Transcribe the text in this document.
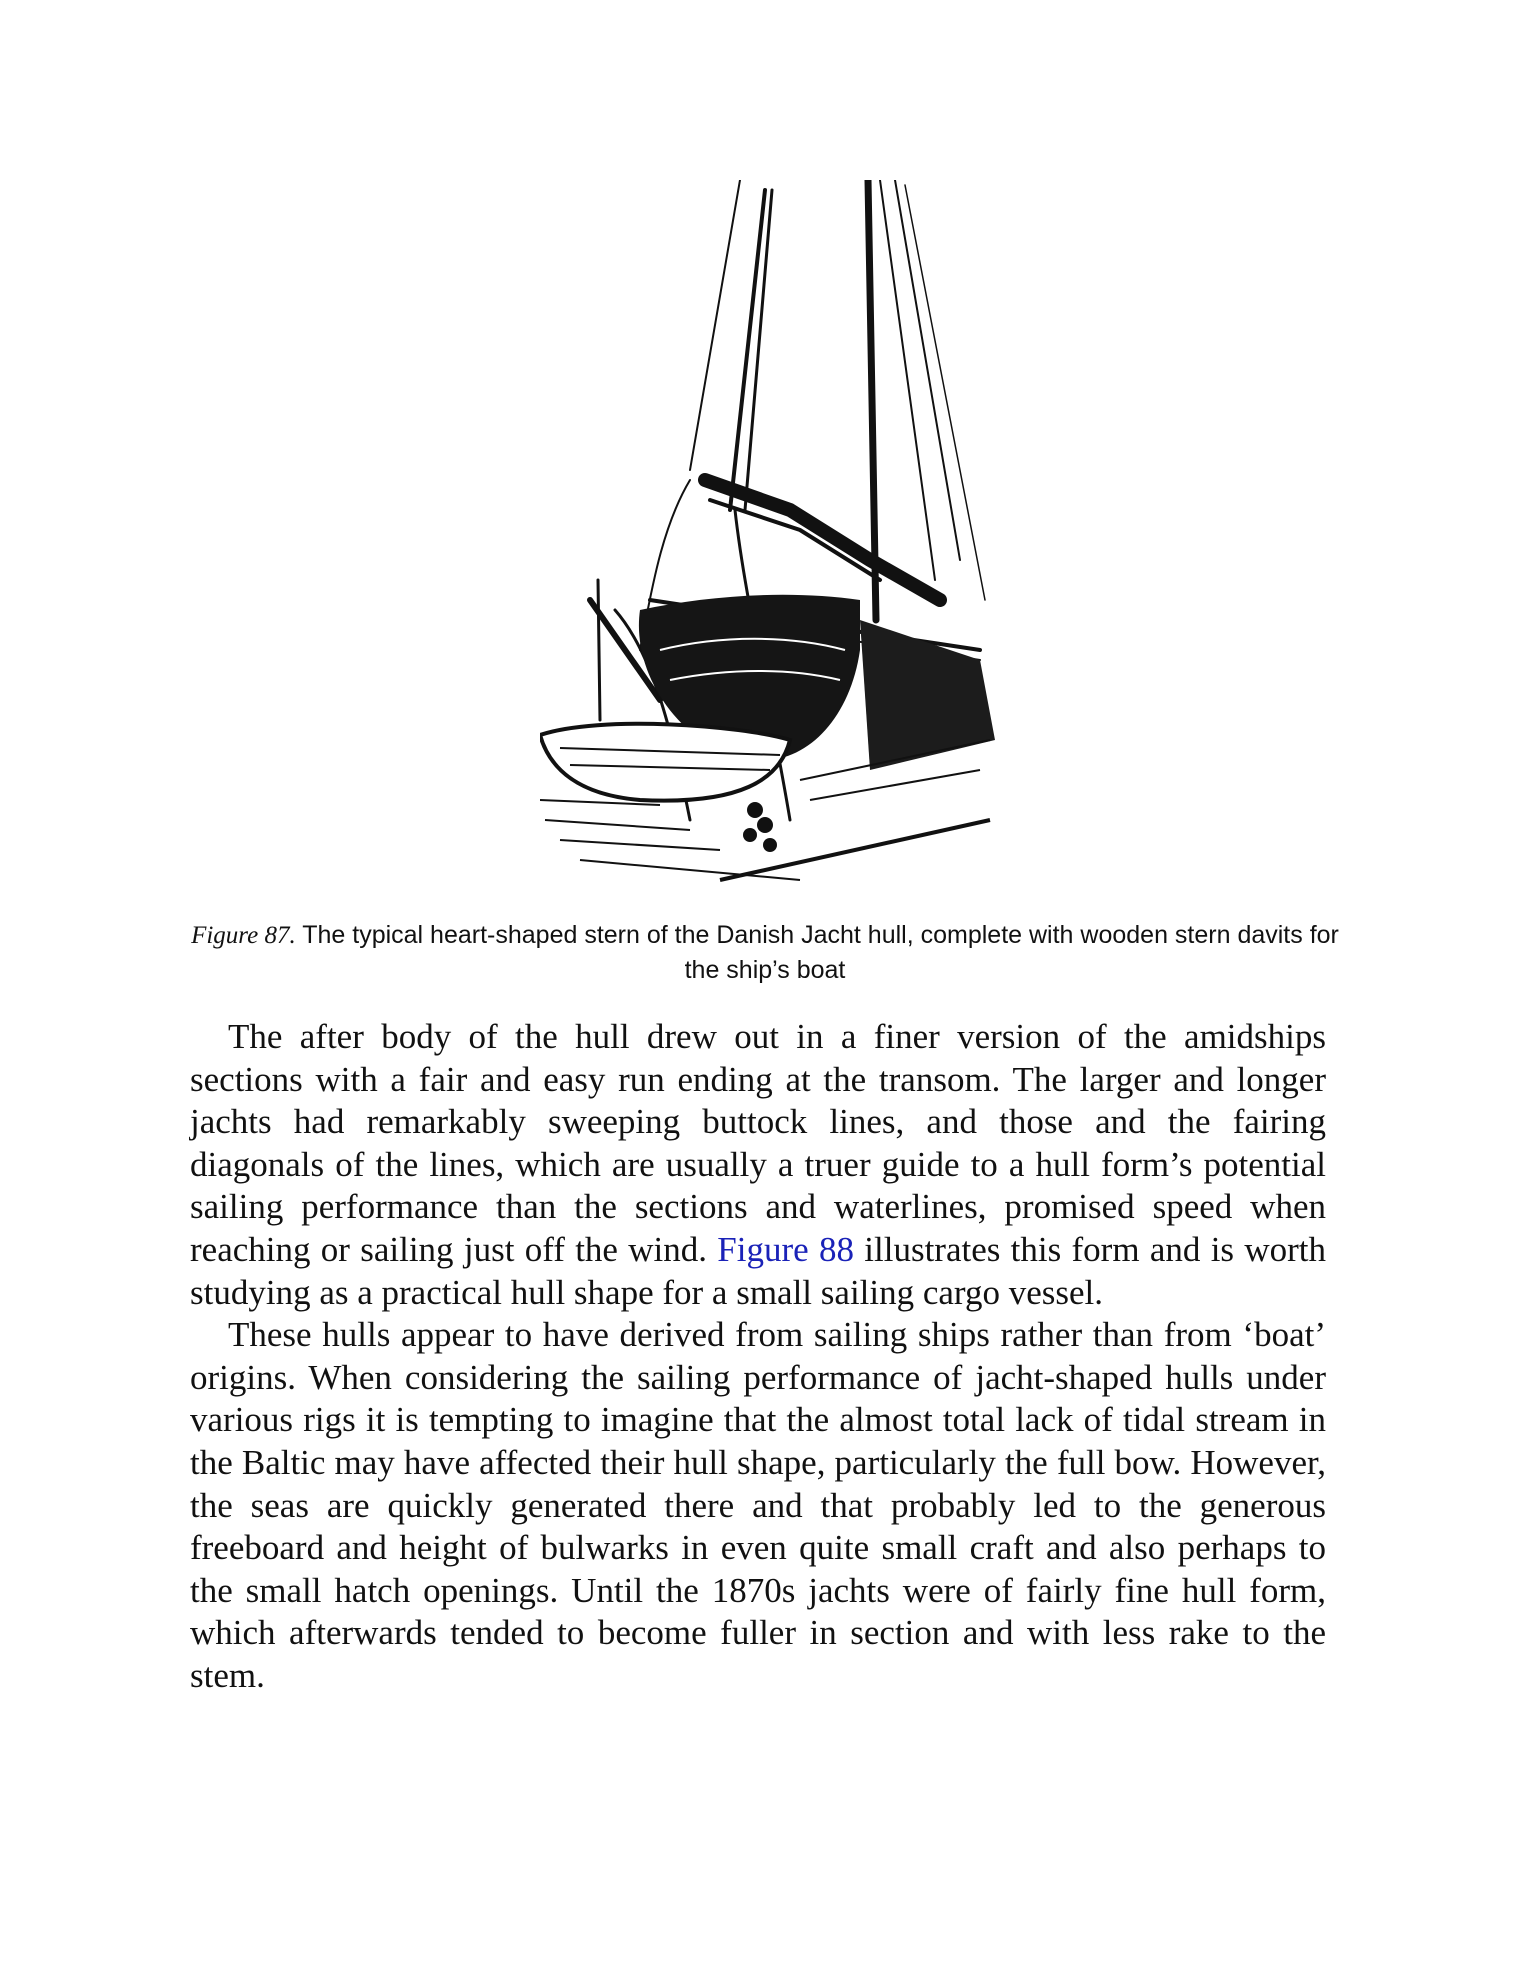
Figure 87. The typical heart-shaped stern of the Danish Jacht hull, complete with wooden stern davits for the ship’s boat

The after body of the hull drew out in a finer version of the amidships sections with a fair and easy run ending at the transom. The larger and longer jachts had remarkably sweeping buttock lines, and those and the fairing diagonals of the lines, which are usually a truer guide to a hull form’s potential sailing performance than the sections and waterlines, promised speed when reaching or sailing just off the wind. Figure 88 illustrates this form and is worth studying as a practical hull shape for a small sailing cargo vessel.

These hulls appear to have derived from sailing ships rather than from ‘boat’ origins. When considering the sailing performance of jacht-shaped hulls under various rigs it is tempting to imagine that the almost total lack of tidal stream in the Baltic may have affected their hull shape, particularly the full bow. However, the seas are quickly generated there and that probably led to the generous freeboard and height of bulwarks in even quite small craft and also perhaps to the small hatch openings. Until the 1870s jachts were of fairly fine hull form, which afterwards tended to become fuller in section and with less rake to the stem.
